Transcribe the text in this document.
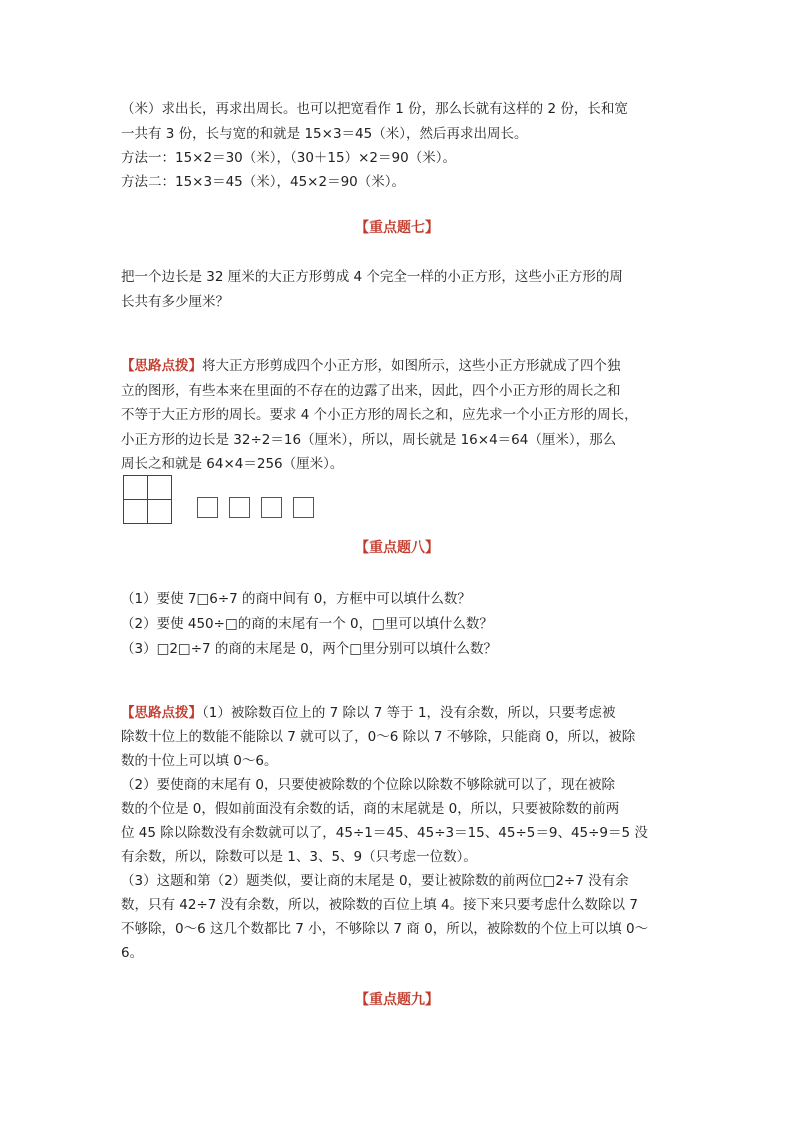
（米）求出长，再求出周长。也可以把宽看作 1 份，那么长就有这样的 2 份，长和宽

一共有 3 份，长与宽的和就是 15×3＝45（米），然后再求出周长。

方法一：15×2＝30（米），（30＋15）×2＝90（米）。

方法二：15×3＝45（米），45×2＝90（米）。

【重点题七】

把一个边长是 32 厘米的大正方形剪成 4 个完全一样的小正方形，这些小正方形的周

长共有多少厘米？

【思路点拨】将大正方形剪成四个小正方形，如图所示，这些小正方形就成了四个独

立的图形，有些本来在里面的不存在的边露了出来，因此，四个小正方形的周长之和

不等于大正方形的周长。要求 4 个小正方形的周长之和，应先求一个小正方形的周长，

小正方形的边长是 32÷2＝16（厘米），所以，周长就是 16×4＝64（厘米），那么

周长之和就是 64×4＝256（厘米）。

【重点题八】

（1）要使 7□6÷7 的商中间有 0，方框中可以填什么数？

（2）要使 450÷□的商的末尾有一个 0，□里可以填什么数？

（3）□2□÷7 的商的末尾是 0，两个□里分别可以填什么数？

【思路点拨】（1）被除数百位上的 7 除以 7 等于 1，没有余数，所以，只要考虑被

除数十位上的数能不能除以 7 就可以了，0～6 除以 7 不够除，只能商 0，所以，被除

数的十位上可以填 0～6。

（2）要使商的末尾有 0，只要使被除数的个位除以除数不够除就可以了，现在被除

数的个位是 0，假如前面没有余数的话，商的末尾就是 0，所以，只要被除数的前两

位 45 除以除数没有余数就可以了，45÷1＝45、45÷3＝15、45÷5＝9、45÷9＝5 没

有余数，所以，除数可以是 1、3、5、9（只考虑一位数）。

（3）这题和第（2）题类似，要让商的末尾是 0，要让被除数的前两位□2÷7 没有余

数，只有 42÷7 没有余数，所以，被除数的百位上填 4。接下来只要考虑什么数除以 7

不够除，0～6 这几个数都比 7 小，不够除以 7 商 0，所以，被除数的个位上可以填 0～

6。

【重点题九】
